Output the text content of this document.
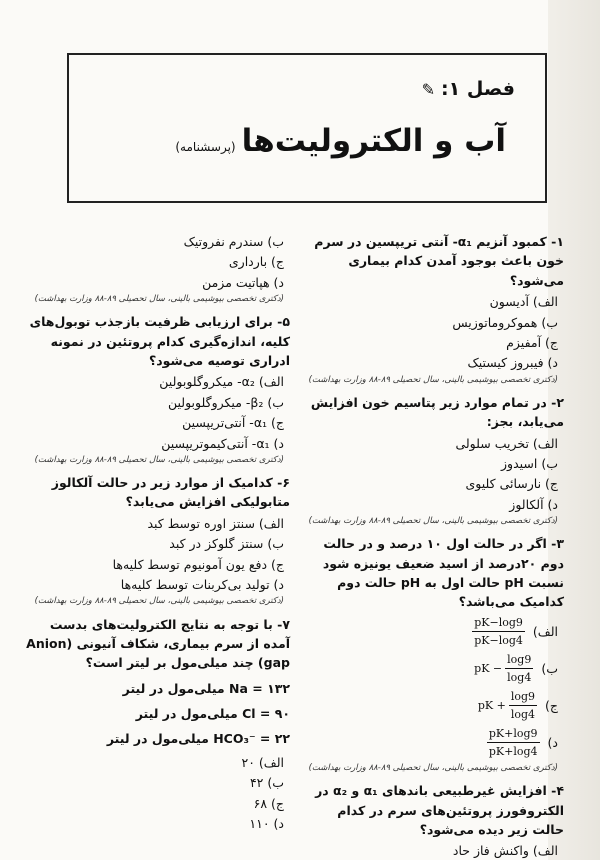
فصل ۱:
✎
آب و الکترولیت‌ها
(پرسشنامه)
۱- کمبود آنزیم α₁- آنتی تریپسین در سرم خون باعث بوجود آمدن کدام بیماری می‌شود؟
الف) آدیسون
ب) هموکروماتوزیس
ج) آمفیزم
د) فیبروز کیستیک
(دکتری تخصصی بیوشیمی بالینی، سال تحصیلی ۸۹-۸۸ وزارت بهداشت)
۲- در تمام موارد زیر پتاسیم خون افزایش می‌یابد، بجز:
الف) تخریب سلولی
ب) اسیدوز
ج) نارسائی کلیوی
د) آلکالوز
(دکتری تخصصی بیوشیمی بالینی، سال تحصیلی ۸۹-۸۸ وزارت بهداشت)
۳- اگر در حالت اول ۱۰ درصد و در حالت دوم ۲۰درصد از اسید ضعیف یونیزه شود نسبت pH حالت اول به pH حالت دوم کدامیک می‌باشد؟
الف)
$\frac{pK-\log 9}{pK-\log 4}$
ب)
pK − $\frac{\log 9}{\log 4}$
ج)
pK + $\frac{\log 9}{\log 4}$
د)
$\frac{pK+\log 9}{pK+\log 4}$
(دکتری تخصصی بیوشیمی بالینی، سال تحصیلی ۸۹-۸۸ وزارت بهداشت)
۴- افزایش غیرطبیعی باندهای α₁ و α₂ در الکتروفورز پروتئین‌های سرم در کدام حالت زیر دیده می‌شود؟
الف) واکنش فاز حاد
ب) سندرم نفروتیک
ج) بارداری
د) هپاتیت مزمن
(دکتری تخصصی بیوشیمی بالینی، سال تحصیلی ۸۹-۸۸ وزارت بهداشت)
۵- برای ارزیابی ظرفیت بازجذب توبول‌های کلیه، اندازه‌گیری کدام پروتئین در نمونه ادراری توصیه می‌شود؟
الف) α₂- میکروگلوبولین
ب) β₂- میکروگلوبولین
ج) α₁- آنتی‌تریپسین
د) α₁- آنتی‌کیموتریپسین
(دکتری تخصصی بیوشیمی بالینی، سال تحصیلی ۸۹-۸۸ وزارت بهداشت)
۶- کدامیک از موارد زیر در حالت آلکالوز متابولیکی افزایش می‌یابد؟
الف) سنتز اوره توسط کبد
ب) سنتز گلوکز در کبد
ج) دفع یون آمونیوم توسط کلیه‌ها
د) تولید بی‌کربنات توسط کلیه‌ها
(دکتری تخصصی بیوشیمی بالینی، سال تحصیلی ۸۹-۸۸ وزارت بهداشت)
۷- با توجه به نتایج الکترولیت‌های بدست آمده از سرم بیماری، شکاف آنیونی (Anion gap) چند میلی‌مول بر لیتر است؟
Na = ۱۳۲ میلی‌مول در لیتر
Cl = ۹۰ میلی‌مول در لیتر
HCO₃⁻ = ۲۲ میلی‌مول در لیتر
الف) ۲۰
ب) ۴۲
ج) ۶۸
د) ۱۱۰
